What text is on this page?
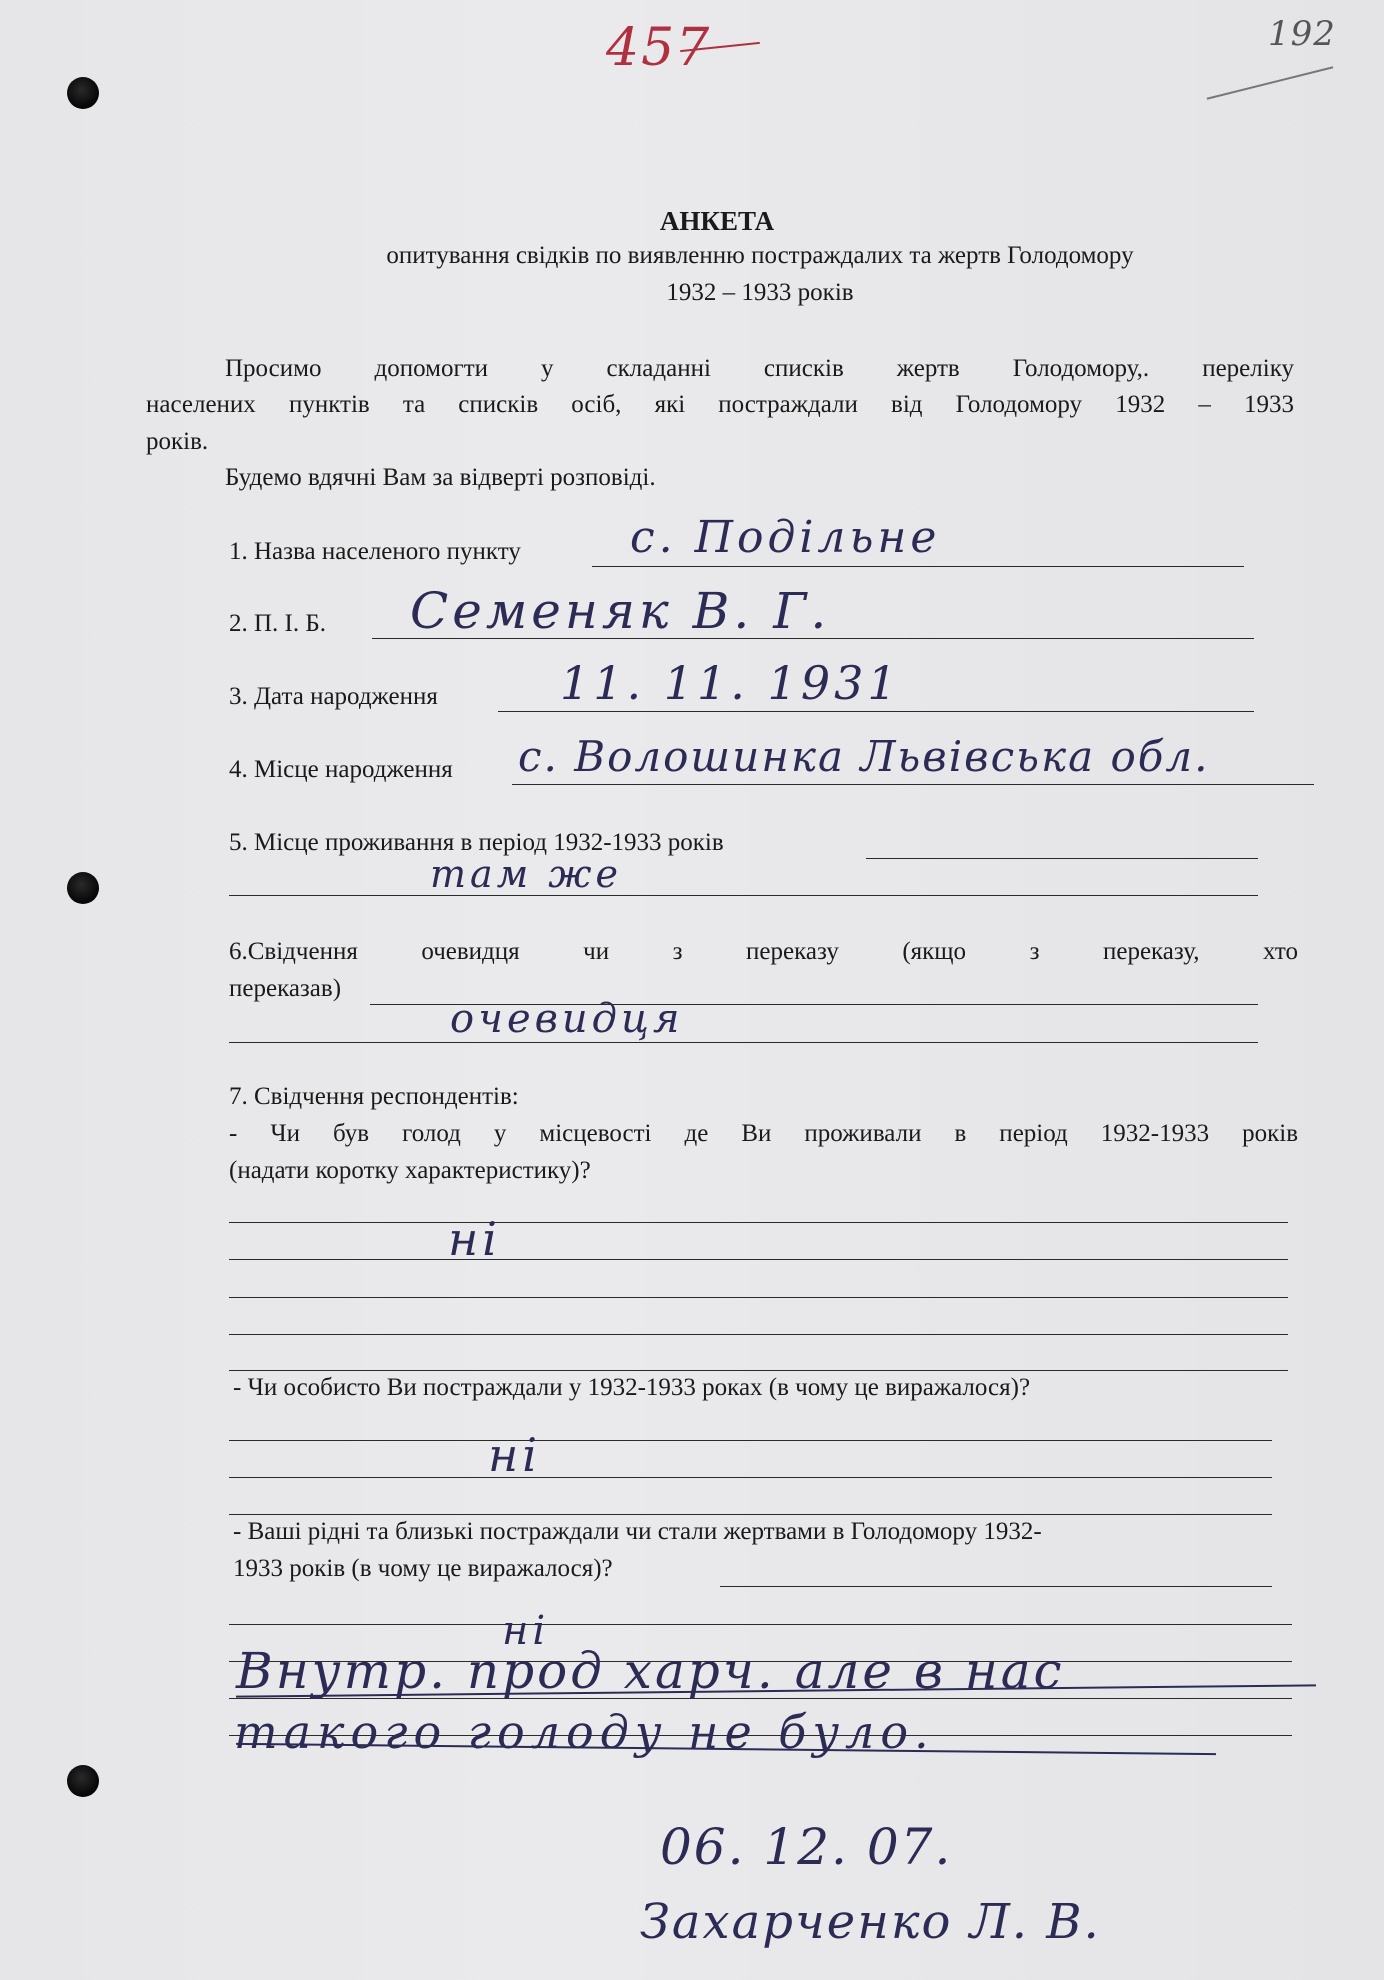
457	192
АНКЕТА
опитування свідків по виявленню постраждалих та жертв Голодомору
1932 – 1933 років
Просимо допомогти у складанні списків жертв Голодомору,. переліку
населених пунктів та списків осіб, які постраждали від Голодомору 1932 – 1933
років.
Будемо вдячні Вам за відверті розповіді.
1. Назва населеного пункту с. Подільне
2. П. І. Б. Семеняк В. Г.
3. Дата народження	11. 11. 1931
4. Місце народження с. Волошинка Львівська обл.
5. Місце проживання в період 1932-1933 років
там же
6.Свідчення очевидця чи з переказу (якщо з переказу, хто
переказав)
очевидця
7. Свідчення респондентів:
- Чи був голод у місцевості де Ви проживали в період 1932-1933 років
(надати коротку характеристику)?
ні
- Чи особисто Ви постраждали у 1932-1933 роках (в чому це виражалося)?
ні
- Ваші рідні та близькі постраждали чи стали жертвами в Голодомору 1932-
1933 років (в чому це виражалося)?
ні
Внутр. прод харч. але в нас
такого голоду не було.
06. 12. 07.
Захарченко Л. В.
